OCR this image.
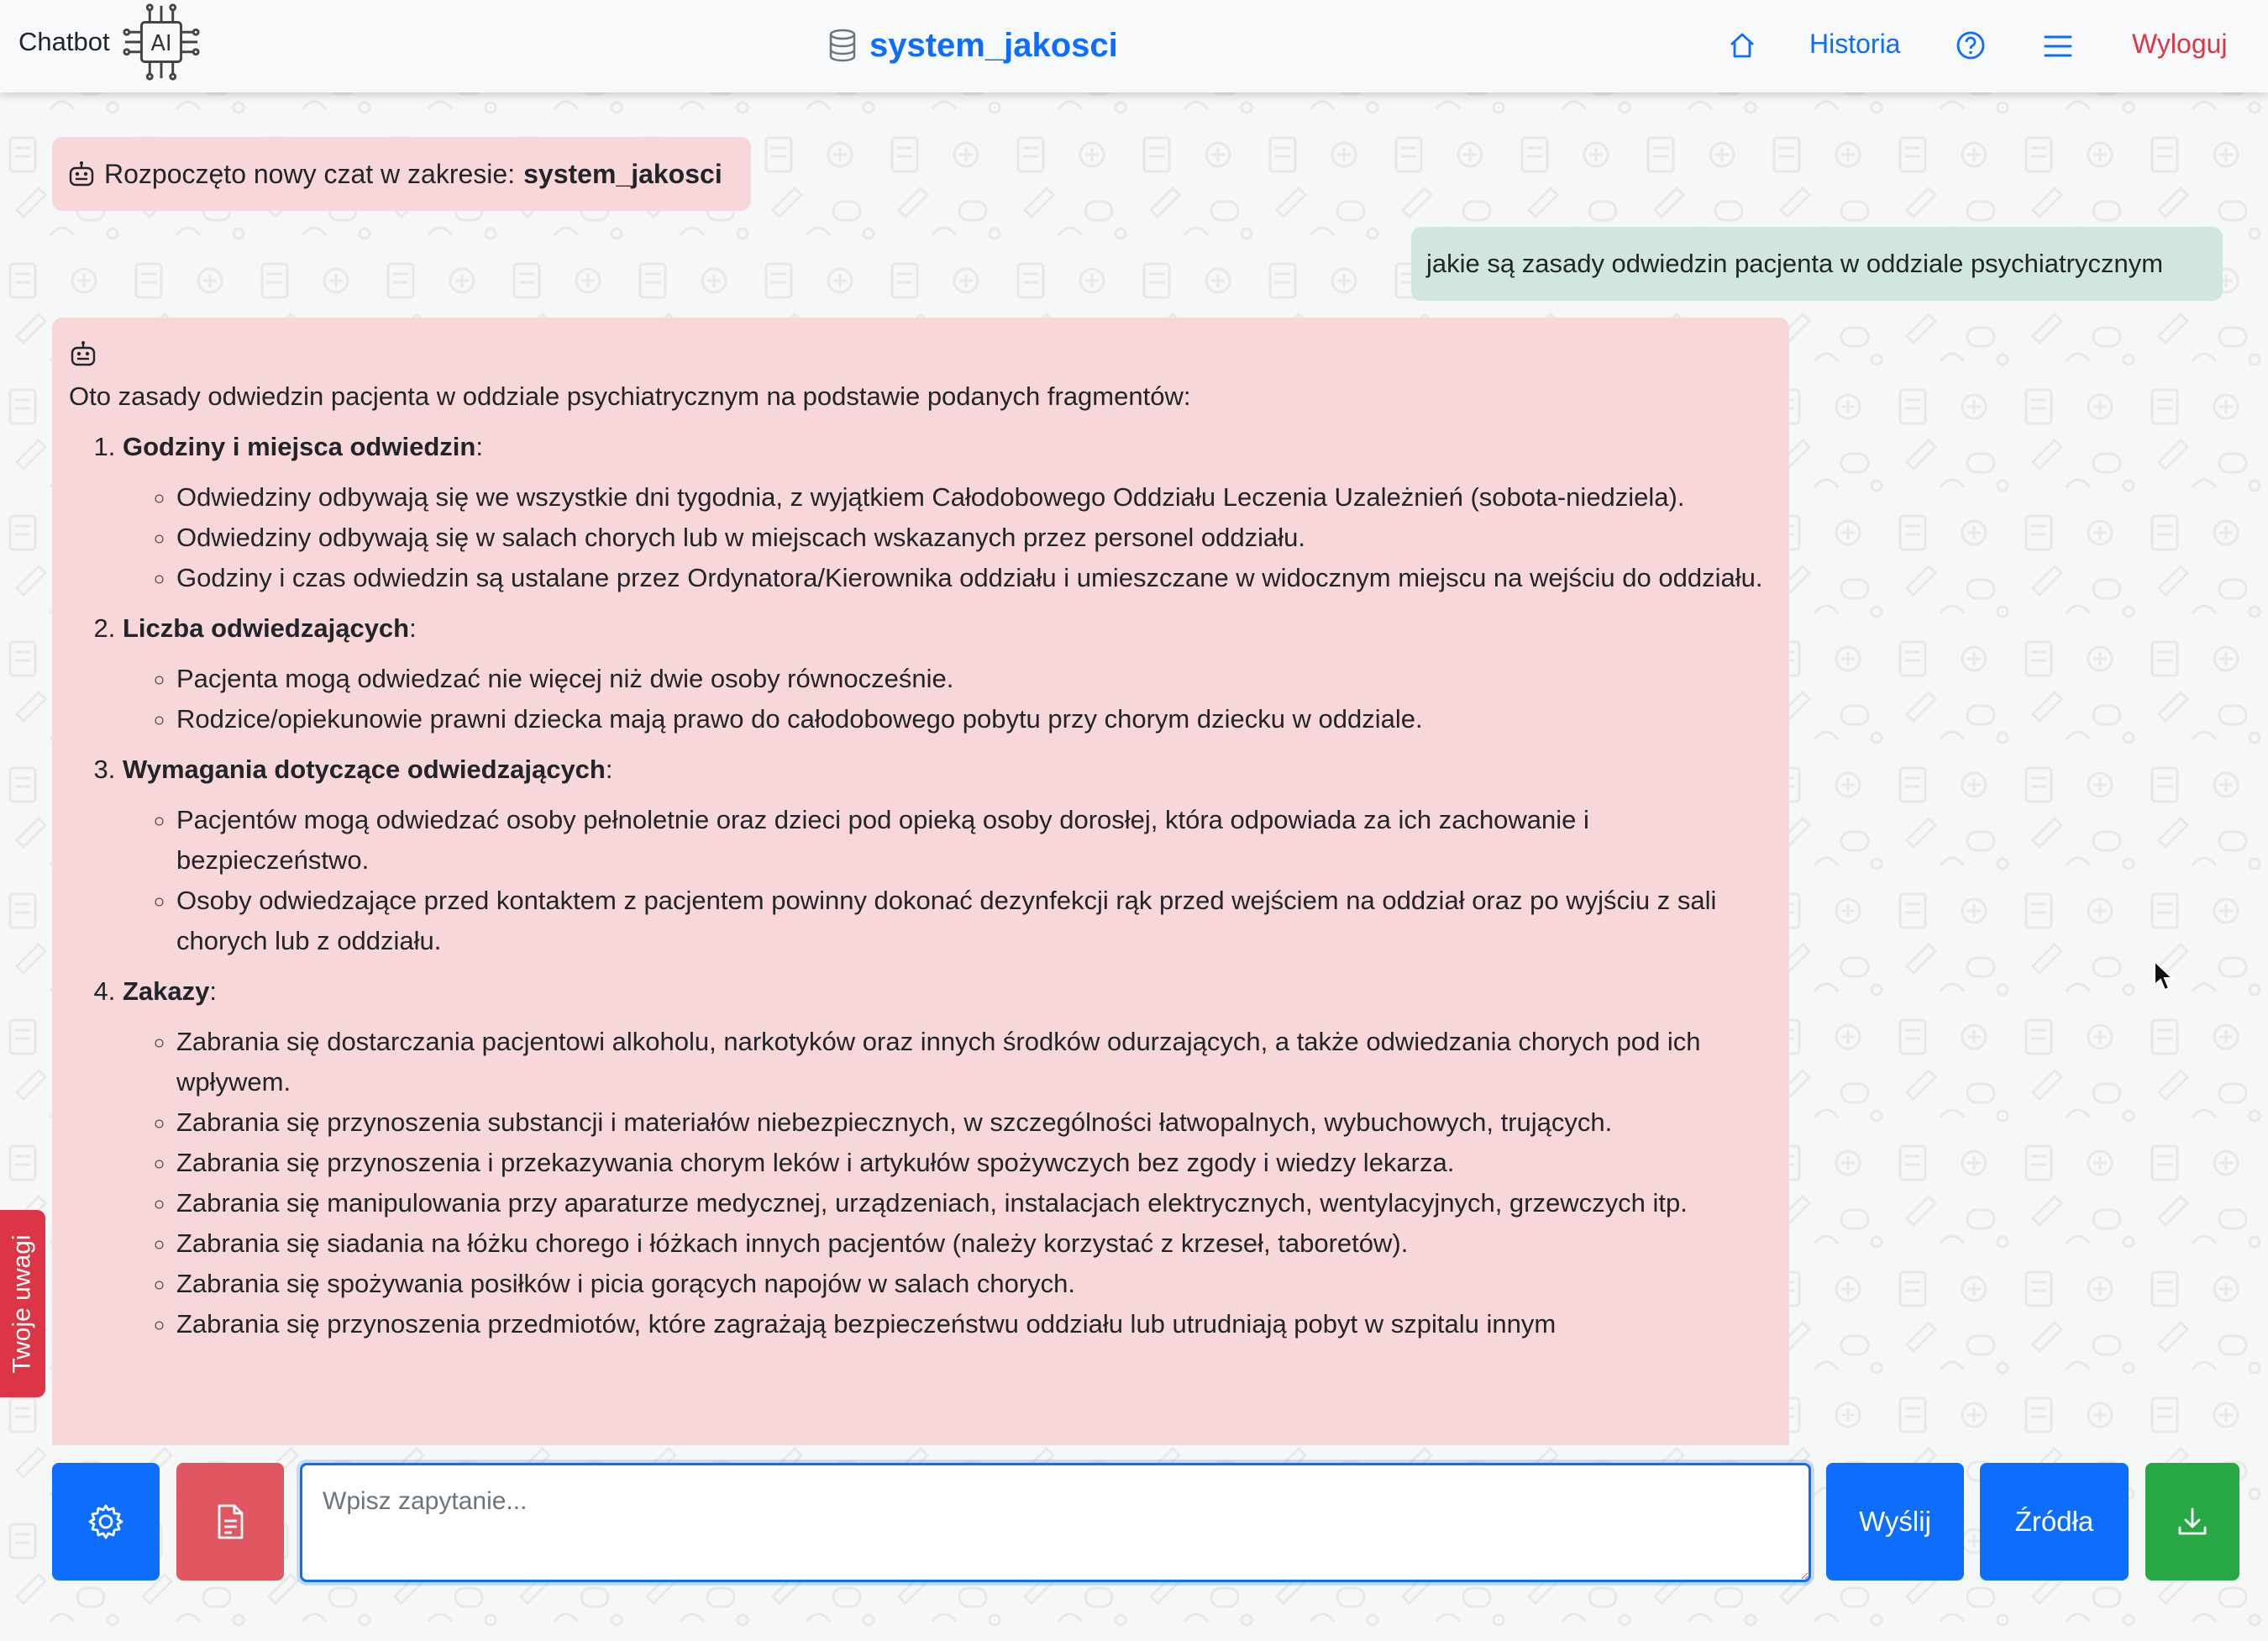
Chatbot AI	system_jakosci	Historia	Wyloguj
Rozpoczęto nowy czat w zakresie: system_jakosci
jakie są zasady odwiedzin pacjenta w oddziale psychiatrycznym

Oto zasady odwiedzin pacjenta w oddziale psychiatrycznym na podstawie podanych fragmentów:

1. Godziny i miejsca odwiedzin:
◦ Odwiedziny odbywają się we wszystkie dni tygodnia, z wyjątkiem Całodobowego Oddziału Leczenia Uzależnień (sobota-niedziela).
◦ Odwiedziny odbywają się w salach chorych lub w miejscach wskazanych przez personel oddziału.
◦ Godziny i czas odwiedzin są ustalane przez Ordynatora/Kierownika oddziału i umieszczane w widocznym miejscu na wejściu do oddziału.
2. Liczba odwiedzających:
◦ Pacjenta mogą odwiedzać nie więcej niż dwie osoby równocześnie.
◦ Rodzice/opiekunowie prawni dziecka mają prawo do całodobowego pobytu przy chorym dziecku w oddziale.
3. Wymagania dotyczące odwiedzających:
◦ Pacjentów mogą odwiedzać osoby pełnoletnie oraz dzieci pod opieką osoby dorosłej, która odpowiada za ich zachowanie i bezpieczeństwo.
◦ Osoby odwiedzające przed kontaktem z pacjentem powinny dokonać dezynfekcji rąk przed wejściem na oddział oraz po wyjściu z sali chorych lub z oddziału.
4. Zakazy:
◦ Zabrania się dostarczania pacjentowi alkoholu, narkotyków oraz innych środków odurzających, a także odwiedzania chorych pod ich wpływem.
◦ Zabrania się przynoszenia substancji i materiałów niebezpiecznych, w szczególności łatwopalnych, wybuchowych, trujących.
◦ Zabrania się przynoszenia i przekazywania chorym leków i artykułów spożywczych bez zgody i wiedzy lekarza.
◦ Zabrania się manipulowania przy aparaturze medycznej, urządzeniach, instalacjach elektrycznych, wentylacyjnych, grzewczych itp.
◦ Zabrania się siadania na łóżku chorego i łóżkach innych pacjentów (należy korzystać z krzeseł, taboretów).
◦ Zabrania się spożywania posiłków i picia gorących napojów w salach chorych.
◦ Zabrania się przynoszenia przedmiotów, które zagrażają bezpieczeństwu oddziału lub utrudniają pobyt w szpitalu innym
Twoje uwagi
Wpisz zapytanie...
Wyślij	Źródła
